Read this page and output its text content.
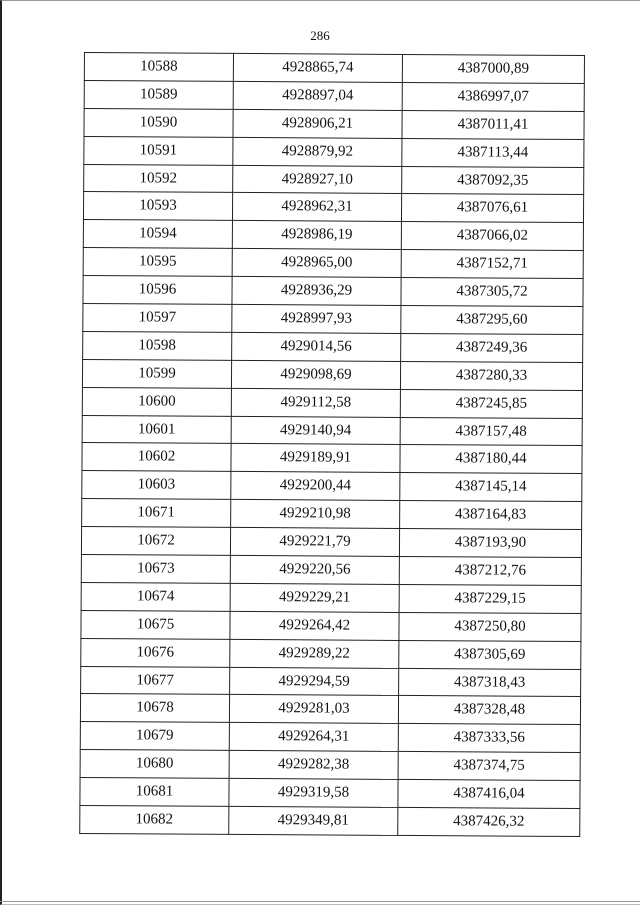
286
10588	4928865,74	4387000,89
10589	4928897,04	4386997,07
10590	4928906,21	4387011,41
10591	4928879,92	4387113,44
10592	4928927,10	4387092,35
10593	4928962,31	4387076,61
10594	4928986,19	4387066,02
10595	4928965,00	4387152,71
10596	4928936,29	4387305,72
10597	4928997,93	4387295,60
10598	4929014,56	4387249,36
10599	4929098,69	4387280,33
10600	4929112,58	4387245,85
10601	4929140,94	4387157,48
10602	4929189,91	4387180,44
10603	4929200,44	4387145,14
10671	4929210,98	4387164,83
10672	4929221,79	4387193,90
10673	4929220,56	4387212,76
10674	4929229,21	4387229,15
10675	4929264,42	4387250,80
10676	4929289,22	4387305,69
10677	4929294,59	4387318,43
10678	4929281,03	4387328,48
10679	4929264,31	4387333,56
10680	4929282,38	4387374,75
10681	4929319,58	4387416,04
10682	4929349,81	4387426,32
